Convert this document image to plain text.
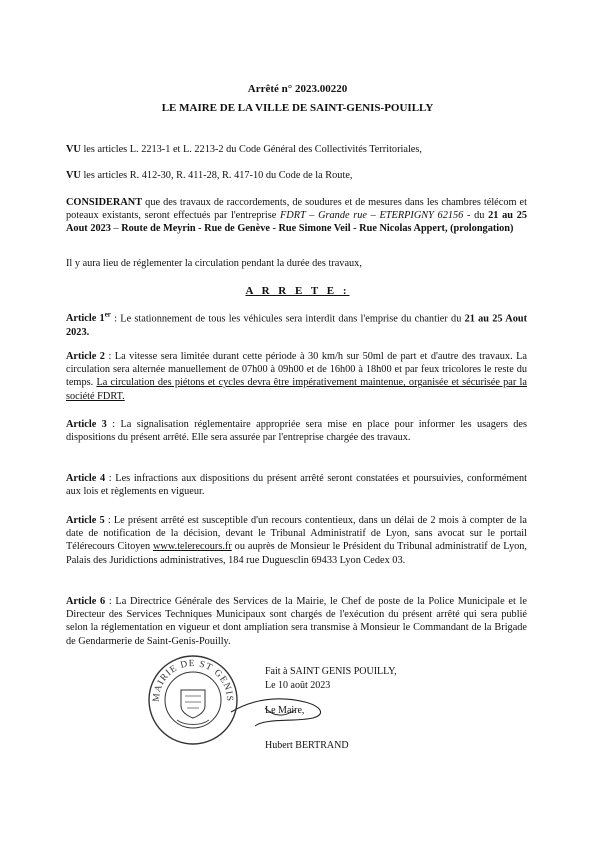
Arrêté n° 2023.00220
LE MAIRE DE LA VILLE DE SAINT-GENIS-POUILLY
VU les articles L. 2213-1 et L. 2213-2 du Code Général des Collectivités Territoriales,
VU les articles R. 412-30, R. 411-28, R. 417-10 du Code de la Route,
CONSIDERANT que des travaux de raccordements, de soudures et de mesures dans les chambres télécom et poteaux existants, seront effectués par l'entreprise FDRT – Grande rue – ETERPIGNY 62156 - du 21 au 25 Aout 2023 – Route de Meyrin - Rue de Genève - Rue Simone Veil - Rue Nicolas Appert, (prolongation)
Il y aura lieu de réglementer la circulation pendant la durée des travaux,
A R R E T E :
Article 1er : Le stationnement de tous les véhicules sera interdit dans l'emprise du chantier du 21 au 25 Aout 2023.
Article 2 : La vitesse sera limitée durant cette période à 30 km/h sur 50ml de part et d'autre des travaux. La circulation sera alternée manuellement de 07h00 à 09h00 et de 16h00 à 18h00 et par feux tricolores le reste du temps. La circulation des piétons et cycles devra être impérativement maintenue, organisée et sécurisée par la société FDRT.
Article 3 : La signalisation réglementaire appropriée sera mise en place pour informer les usagers des dispositions du présent arrêté. Elle sera assurée par l'entreprise chargée des travaux.
Article 4 : Les infractions aux dispositions du présent arrêté seront constatées et poursuivies, conformément aux lois et règlements en vigueur.
Article 5 : Le présent arrêté est susceptible d'un recours contentieux, dans un délai de 2 mois à compter de la date de notification de la décision, devant le Tribunal Administratif de Lyon, sans avocat sur le portail Télérecours Citoyen www.telerecours.fr ou auprès de Monsieur le Président du Tribunal administratif de Lyon, Palais des Juridictions administratives, 184 rue Duguesclin 69433 Lyon Cedex 03.
Article 6 : La Directrice Générale des Services de la Mairie, le Chef de poste de la Police Municipale et le Directeur des Services Techniques Municipaux sont chargés de l'exécution du présent arrêté qui sera publié selon la réglementation en vigueur et dont ampliation sera transmise à Monsieur le Commandant de la Brigade de Gendarmerie de Saint-Genis-Pouilly.
Fait à SAINT GENIS POUILLY,
Le 10 août 2023
Le Maire,
Hubert BERTRAND
MAIRIE DE ST GENIS
